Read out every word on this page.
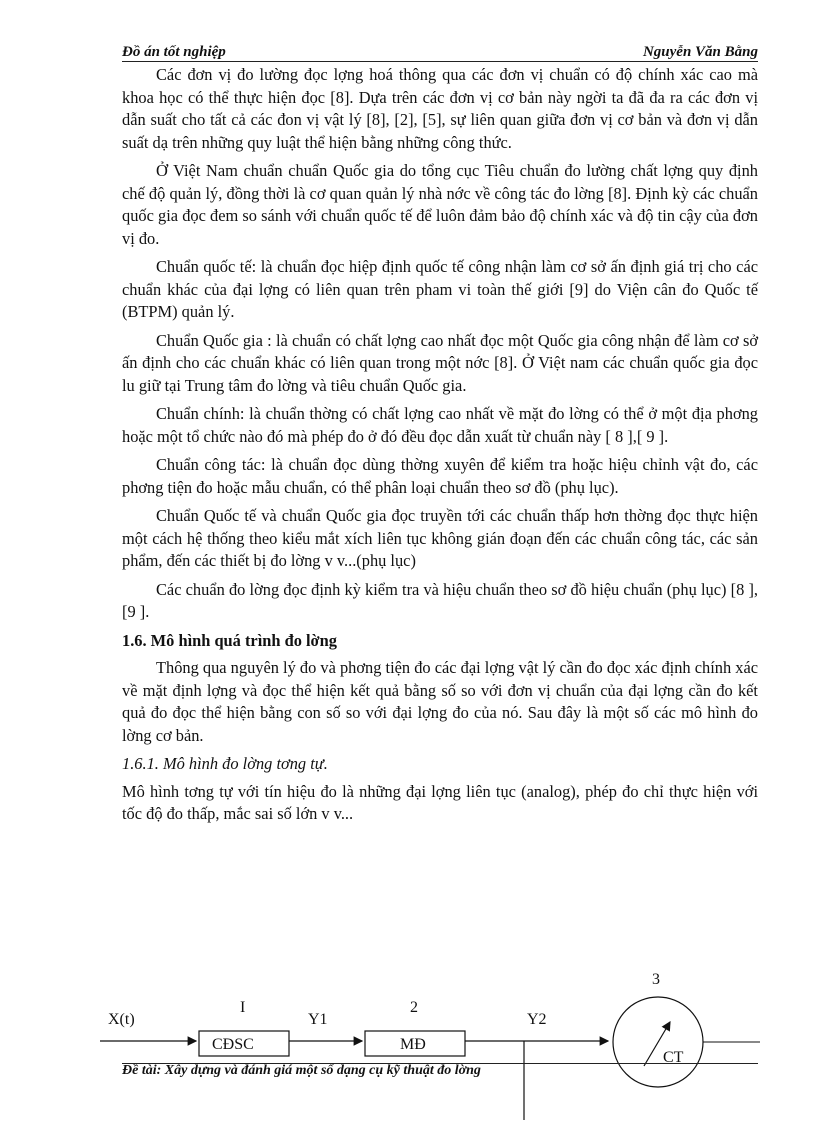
Đồ án tốt nghiệp	Nguyễn Văn Bằng

Các đơn vị đo lường đọc lợng hoá thông qua các đơn vị chuẩn có độ chính xác cao mà khoa học có thể thực hiện đọc [8]. Dựa trên các đơn vị cơ bản này ngời ta đã đa ra các đơn vị dẫn suất cho tất cả các đon vị vật lý [8], [2], [5], sự liên quan giữa đơn vị cơ bản và đơn vị dẫn suất dạ trên những quy luật thể hiện bằng những công thức.

Ở Việt Nam chuẩn chuẩn Quốc gia do tổng cục Tiêu chuẩn đo lường chất lợng quy định chế độ quản lý, đồng thời là cơ quan quản lý nhà nớc về công tác đo lờng [8]. Định kỳ các chuẩn quốc gia đọc đem so sánh với chuẩn quốc tế để luôn đảm bảo độ chính xác và độ tin cậy của đơn vị đo.

Chuẩn quốc tế: là chuẩn đọc hiệp định quốc tế công nhận làm cơ sở ấn định giá trị cho các chuẩn khác của đại lợng có liên quan trên pham vi toàn thế giới [9] do Viện cân đo Quốc tế (BTPM) quản lý.

Chuẩn Quốc gia : là chuẩn có chất lợng cao nhất đọc một Quốc gia công nhận để làm cơ sở ấn định cho các chuẩn khác có liên quan trong một nớc [8]. Ở Việt nam các chuẩn quốc gia đọc lu giữ tại Trung tâm đo lờng và tiêu chuẩn Quốc gia.

Chuẩn chính: là chuẩn thờng có chất lợng cao nhất về mặt đo lờng có thể ở một địa phơng hoặc một tổ chức nào đó mà phép đo ở đó đều đọc dẫn xuất từ chuẩn này [ 8 ],[ 9 ].

Chuẩn công tác: là chuẩn đọc dùng thờng xuyên để kiểm tra hoặc hiệu chỉnh vật đo, các phơng tiện đo hoặc mẫu chuẩn, có thể phân loại chuẩn theo sơ đồ (phụ lục).

Chuẩn Quốc tế và chuẩn Quốc gia đọc truyền tới các chuẩn thấp hơn thờng đọc thực hiện một cách hệ thống theo kiểu mắt xích liên tục không gián đoạn đến các chuẩn công tác, các sản phẩm, đến các thiết bị đo lờng v v...(phụ lục)

Các chuẩn đo lờng đọc định kỳ kiểm tra và hiệu chuẩn theo sơ đồ hiệu chuẩn (phụ lục) [8 ], [9 ].

1.6. Mô hình quá trình đo lờng

Thông qua nguyên lý đo và phơng tiện đo các đại lợng vật lý cần đo đọc xác định chính xác về mặt định lợng và đọc thể hiện kết quả bằng số so với đơn vị chuẩn của đại lợng cần đo kết quả đo đọc thể hiện bằng con số so với đại lợng đo của nó. Sau đây là một số các mô hình đo lờng cơ bản.

1.6.1. Mô hình đo lờng tơng tự.

Mô hình tơng tự với tín hiệu đo là những đại lợng liên tục (analog), phép đo chỉ thực hiện với tốc độ đo thấp, mắc sai số lớn v v...

3
I	2
X(t)	Y1	Y2
CĐSC	MĐ
CT
Đề tài: Xây dựng và đánh giá một số dạng cụ kỹ thuật đo lờng
